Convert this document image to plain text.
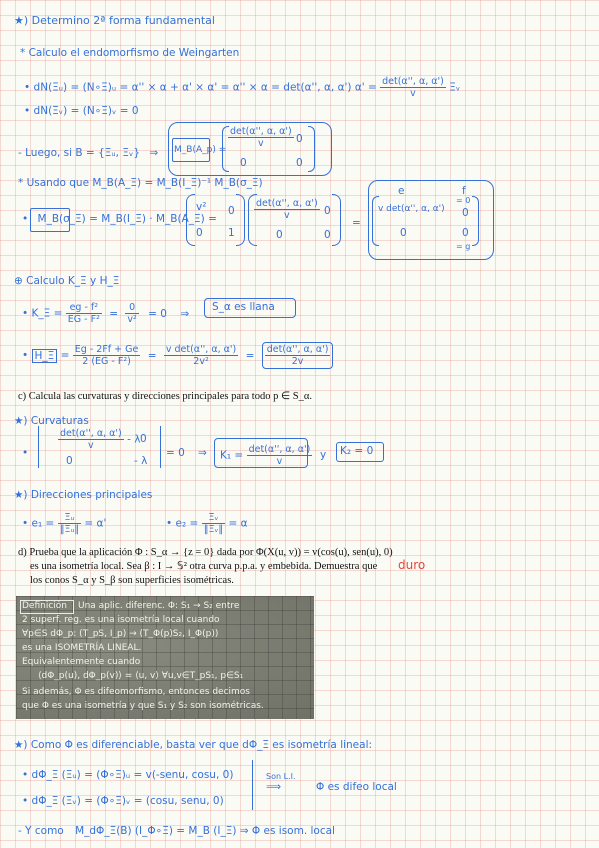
★) Determino 2ª forma fundamental
* Calculo el endomorfismo de Weingarten
• dN(Ξᵤ) = (N∘Ξ)ᵤ = α'' × α + α' × α' = α'' × α = det(α'', α, α') $\alpha' = \frac{\det(\alpha'', \alpha, \alpha')}{v}$ Ξᵥ
• dN(Ξᵥ) = (N∘Ξ)ᵥ = 0
- Luego, si B = {Ξᵤ, Ξᵥ} ⇒ M_B(A_p) =
$\frac{\det(\alpha'', \alpha, \alpha')}{v} 0$
0	0
* Usando que M_B(A_Ξ) = M_B(I_Ξ)⁻¹ M_B(σ_Ξ)
• M_B(σ_Ξ) = M_B(I_Ξ) · M_B(A_Ξ) =
v² 0
0 1
$\frac{\det(\alpha'', \alpha, \alpha')}{v} 0$
0	0
=
e	f
= 0
v det(α'', α, α') 0
0	0
= g
⊕ Calculo K_Ξ y H_Ξ
• K_Ξ = $\frac{\text{eg - f²}}{\text{EG - F²}} = \frac{0}{\text{v²}} = 0$ ⇒
S_α es llana
• H_Ξ = $\frac{Eg - 2Ff + Ge}{\text{2 (EG - F²)}} = \frac{\text{v det(α'', α, α')}}{\text{2v²}} = \frac{\det(\alpha'', \alpha, \alpha')}{2v}$
c) Calcula las curvaturas y direcciones principales para todo p ∈ S_α.
★) Curvaturas
•
$\frac{\det(\alpha'', \alpha, \alpha')}{v}$ - λ 0
0	- λ
= 0 ⇒ $K_1 = \frac{\det(\alpha'', \alpha, \alpha')}{v}$ y K₂ = 0
★) Direcciones principales
• $e_1 = \frac{\text{Ξᵤ}}{\text{‖Ξᵤ‖}} = \alpha'$	• $e_2 = \frac{\text{Ξᵥ}}{\text{‖Ξᵥ‖}} = \alpha$
d) Prueba que la aplicación Φ : S_α → {z = 0} dada por Φ(X(u, v)) = v(cos(u), sen(u), 0)
es una isometría local. Sea β : I → 𝕊² otra curva p.p.a. y embebida. Demuestra que
los conos S_α y S_β son superficies isométricas.
duro
Definición Una aplic. diferenc. Φ: S₁ → S₂ entre
2 superf. reg. es una isometría local cuando
∀p∈S dΦ_p: (T_pS, I_p) → (T_Φ(p)S₂, I_Φ(p))
es una ISOMETRÍA LINEAL.
Equivalentemente cuando
⟨dΦ_p(u), dΦ_p(v)⟩ = ⟨u, v⟩ ∀u,v∈T_pS₁, p∈S₁
Si además, Φ es difeomorfismo, entonces decimos
que Φ es una isometría y que S₁ y S₂ son isométricas.
★) Como Φ es diferenciable, basta ver que dΦ_Ξ es isometría lineal:
• dΦ_Ξ (Ξᵤ) = (Φ∘Ξ)ᵤ = v(-senu, cosu, 0)
• dΦ_Ξ (Ξᵥ) = (Φ∘Ξ)ᵥ = (cosu, senu, 0)
Son L.I.
⟹	Φ es difeo local
- Y como M_dΦ_Ξ(B) (I_Φ∘Ξ) = M_B (I_Ξ) ⇒ Φ es isom. local
